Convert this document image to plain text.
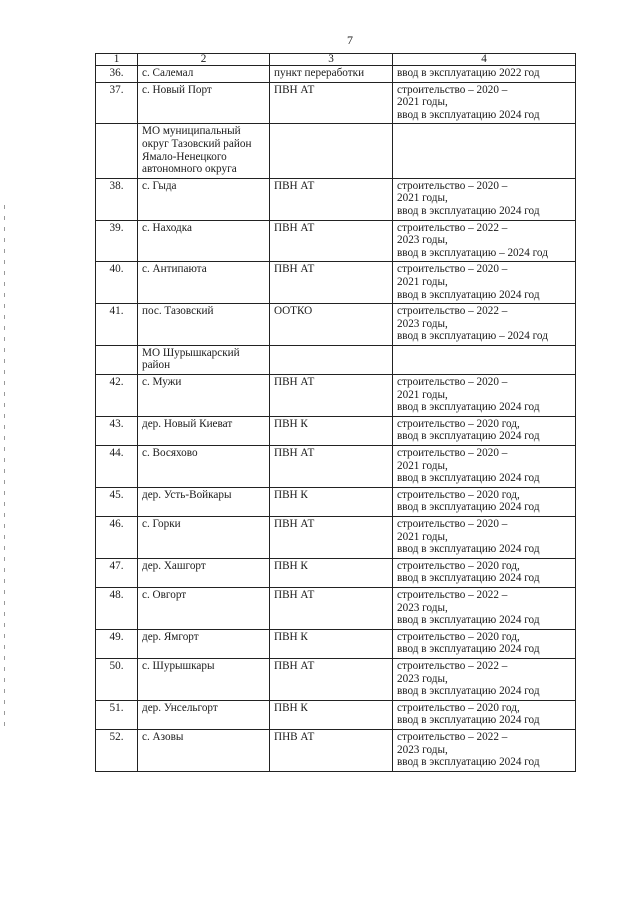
7
1	2	3	4
36.	с. Салемал	пункт переработки	ввод в эксплуатацию 2022 год
37.	с. Новый Порт	ПВН АТ	строительство – 2020 –
2021 годы,
ввод в эксплуатацию 2024 год
	МО муниципальный округ Тазовский район Ямало-Ненецкого автономного округа		
38.	с. Гыда	ПВН АТ	строительство – 2020 –
2021 годы,
ввод в эксплуатацию 2024 год
39.	с. Находка	ПВН АТ	строительство – 2022 –
2023 годы,
ввод в эксплуатацию – 2024 год
40.	с. Антипаюта	ПВН АТ	строительство – 2020 –
2021 годы,
ввод в эксплуатацию 2024 год
41.	пос. Тазовский	ООТКО	строительство – 2022 –
2023 годы,
ввод в эксплуатацию – 2024 год
	МО Шурышкарский район		
42.	с. Мужи	ПВН АТ	строительство – 2020 –
2021 годы,
ввод в эксплуатацию 2024 год
43.	дер. Новый Киеват	ПВН К	строительство – 2020 год,
ввод в эксплуатацию 2024 год
44.	с. Восяхово	ПВН АТ	строительство – 2020 –
2021 годы,
ввод в эксплуатацию 2024 год
45.	дер. Усть-Войкары	ПВН К	строительство – 2020 год,
ввод в эксплуатацию 2024 год
46.	с. Горки	ПВН АТ	строительство – 2020 –
2021 годы,
ввод в эксплуатацию 2024 год
47.	дер. Хашгорт	ПВН К	строительство – 2020 год,
ввод в эксплуатацию 2024 год
48.	с. Овгорт	ПВН АТ	строительство – 2022 –
2023 годы,
ввод в эксплуатацию 2024 год
49.	дер. Ямгорт	ПВН К	строительство – 2020 год,
ввод в эксплуатацию 2024 год
50.	с. Шурышкары	ПВН АТ	строительство – 2022 –
2023 годы,
ввод в эксплуатацию 2024 год
51.	дер. Унсельгорт	ПВН К	строительство – 2020 год,
ввод в эксплуатацию 2024 год
52.	с. Азовы	ПНВ АТ	строительство – 2022 –
2023 годы,
ввод в эксплуатацию 2024 год
